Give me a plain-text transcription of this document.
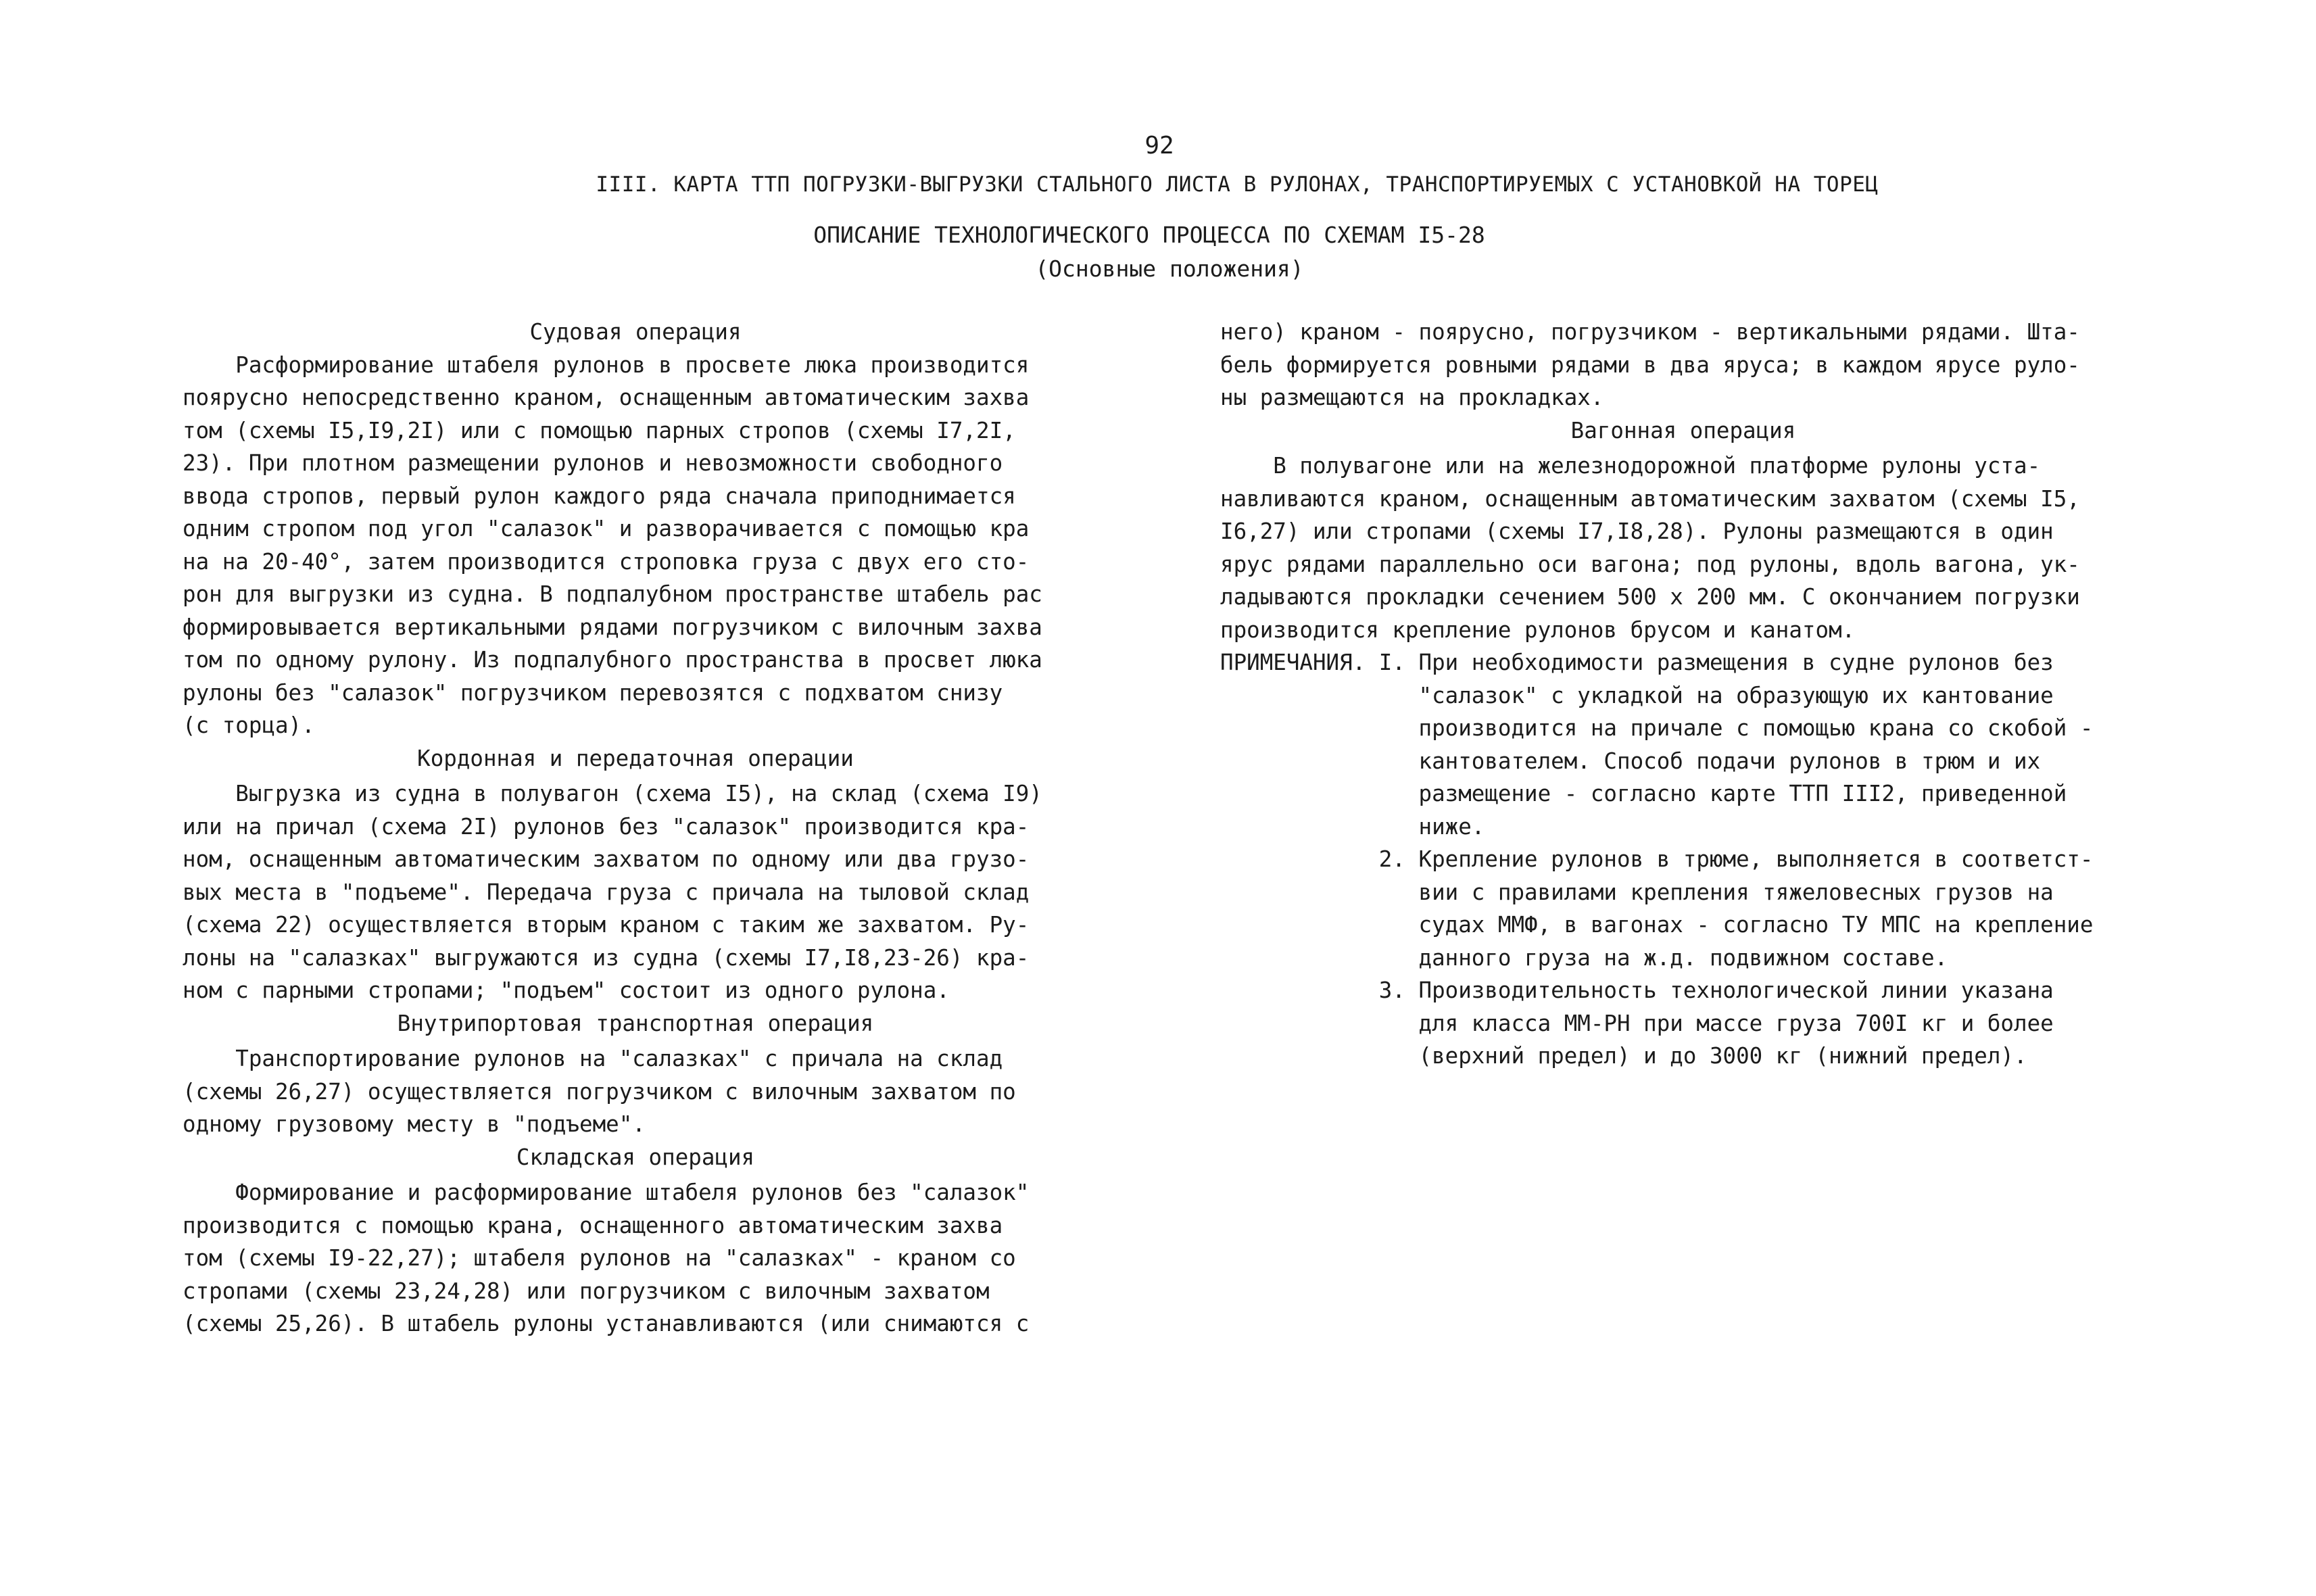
92

IIII. КАРТА ТТП ПОГРУЗКИ-ВЫГРУЗКИ СТАЛЬНОГО ЛИСТА В РУЛОНАХ, ТРАНСПОРТИРУЕМЫХ С УСТАНОВКОЙ НА ТОРЕЦ

ОПИСАНИЕ ТЕХНОЛОГИЧЕСКОГО ПРОЦЕССА ПО СХЕМАМ I5-28

(Основные положения)

Судовая операция

Расформирование штабеля рулонов в просвете люка производится
поярусно непосредственно краном, оснащенным автоматическим захва
том (схемы I5,I9,2I) или с помощью парных стропов (схемы I7,2I,
23). При плотном размещении рулонов и невозможности свободного
ввода стропов, первый рулон каждого ряда сначала приподнимается
одним стропом под угол "салазок" и разворачивается с помощью кра
на на 20-40°, затем производится строповка груза с двух его сто-
рон для выгрузки из судна. В подпалубном пространстве штабель рас
формировывается вертикальными рядами погрузчиком с вилочным захва
том по одному рулону. Из подпалубного пространства в просвет люка
рулоны без "салазок" погрузчиком перевозятся с подхватом снизу
(с торца).

Кордонная и передаточная операции

Выгрузка из судна в полувагон (схема I5), на склад (схема I9)
или на причал (схема 2I) рулонов без "салазок" производится кра-
ном, оснащенным автоматическим захватом по одному или два грузо-
вых места в "подъеме". Передача груза с причала на тыловой склад
(схема 22) осуществляется вторым краном с таким же захватом. Ру-
лоны на "салазках" выгружаются из судна (схемы I7,I8,23-26) кра-
ном с парными стропами; "подъем" состоит из одного рулона.

Внутрипортовая транспортная операция

Транспортирование рулонов на "салазках" с причала на склад
(схемы 26,27) осуществляется погрузчиком с вилочным захватом по
одному грузовому месту в "подъеме".

Складская операция

Формирование и расформирование штабеля рулонов без "салазок"
производится с помощью крана, оснащенного автоматическим захва
том (схемы I9-22,27); штабеля рулонов на "салазках" - краном со
стропами (схемы 23,24,28) или погрузчиком с вилочным захватом
(схемы 25,26). В штабель рулоны устанавливаются (или снимаются с
него) краном - поярусно, погрузчиком - вертикальными рядами. Шта-
бель формируется ровными рядами в два яруса; в каждом ярусе руло-
ны размещаются на прокладках.

Вагонная операция

В полувагоне или на железнодорожной платформе рулоны уста-
навливаются краном, оснащенным автоматическим захватом (схемы I5,
I6,27) или стропами (схемы I7,I8,28). Рулоны размещаются в один
ярус рядами параллельно оси вагона; под рулоны, вдоль вагона, ук-
ладываются прокладки сечением 500 х 200 мм. С окончанием погрузки
производится крепление рулонов брусом и канатом.
ПРИМЕЧАНИЯ. I. При необходимости размещения в судне рулонов без
"салазок" с укладкой на образующую их кантование
производится на причале с помощью крана со скобой -
кантователем. Способ подачи рулонов в трюм и их
размещение - согласно карте ТТП III2, приведенной
ниже.
2. Крепление рулонов в трюме, выполняется в соответст-
вии с правилами крепления тяжеловесных грузов на
судах ММФ, в вагонах - согласно ТУ МПС на крепление
данного груза на ж.д. подвижном составе.
3. Производительность технологической линии указана
для класса ММ-РН при массе груза 700I кг и более
(верхний предел) и до 3000 кг (нижний предел).
